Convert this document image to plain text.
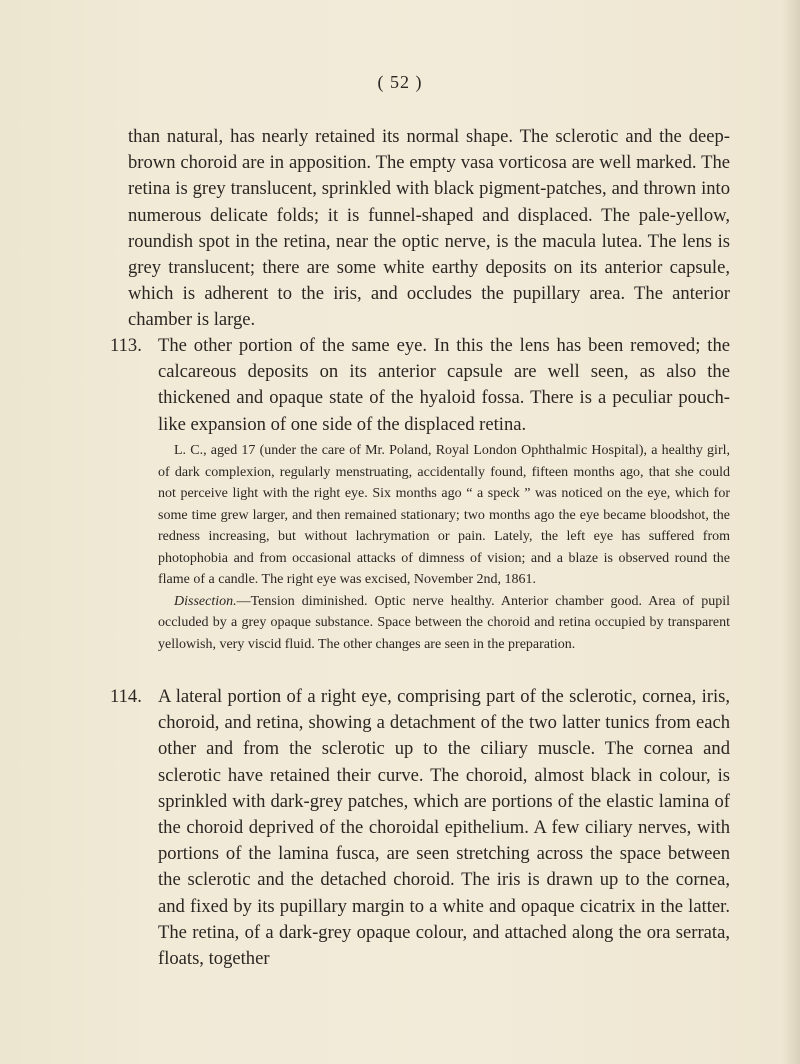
( 52 )

than natural, has nearly retained its normal shape. The sclerotic and the deep-brown choroid are in apposition. The empty vasa vorticosa are well marked. The retina is grey translucent, sprinkled with black pigment-patches, and thrown into numerous delicate folds; it is funnel-shaped and displaced. The pale-yellow, roundish spot in the retina, near the optic nerve, is the macula lutea. The lens is grey translucent; there are some white earthy deposits on its anterior capsule, which is adherent to the iris, and occludes the pupillary area. The anterior chamber is large.

113. The other portion of the same eye. In this the lens has been removed; the calcareous deposits on its anterior capsule are well seen, as also the thickened and opaque state of the hyaloid fossa. There is a peculiar pouch-like expansion of one side of the displaced retina.

L. C., aged 17 (under the care of Mr. Poland, Royal London Ophthalmic Hospital), a healthy girl, of dark complexion, regularly menstruating, accidentally found, fifteen months ago, that she could not perceive light with the right eye. Six months ago “ a speck ” was noticed on the eye, which for some time grew larger, and then remained stationary; two months ago the eye became bloodshot, the redness increasing, but without lachrymation or pain. Lately, the left eye has suffered from photophobia and from occasional attacks of dimness of vision; and a blaze is observed round the flame of a candle. The right eye was excised, November 2nd, 1861.

Dissection.—Tension diminished. Optic nerve healthy. Anterior chamber good. Area of pupil occluded by a grey opaque substance. Space between the choroid and retina occupied by transparent yellowish, very viscid fluid. The other changes are seen in the preparation.

114. A lateral portion of a right eye, comprising part of the sclerotic, cornea, iris, choroid, and retina, showing a detachment of the two latter tunics from each other and from the sclerotic up to the ciliary muscle. The cornea and sclerotic have retained their curve. The choroid, almost black in colour, is sprinkled with dark-grey patches, which are portions of the elastic lamina of the choroid deprived of the choroidal epithelium. A few ciliary nerves, with portions of the lamina fusca, are seen stretching across the space between the sclerotic and the detached choroid. The iris is drawn up to the cornea, and fixed by its pupillary margin to a white and opaque cicatrix in the latter. The retina, of a dark-grey opaque colour, and attached along the ora serrata, floats, together
